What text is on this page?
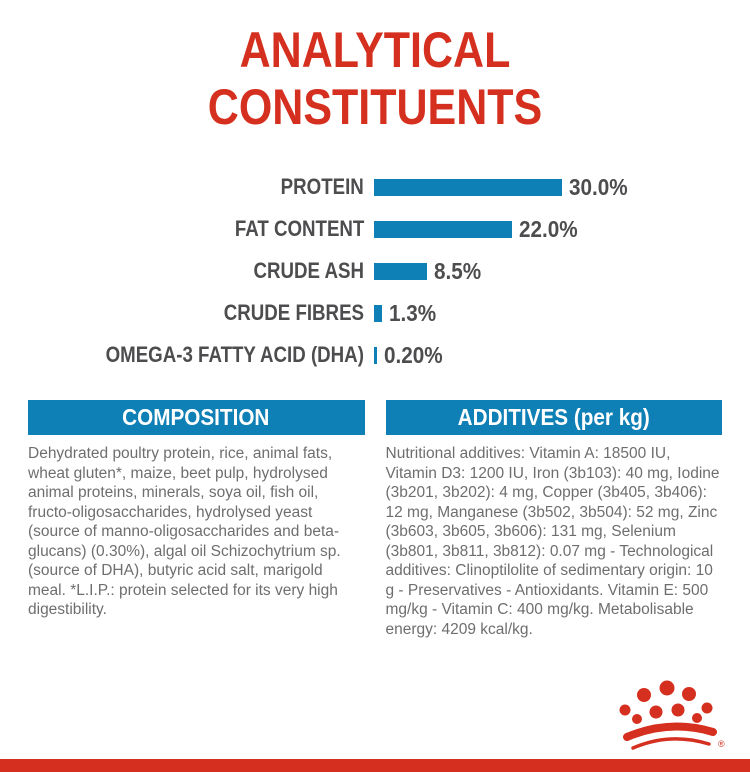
ANALYTICAL
CONSTITUENTS
PROTEIN	30.0%
FAT CONTENT	22.0%
CRUDE ASH	8.5%
CRUDE FIBRES 1.3%
OMEGA-3 FATTY ACID (DHA) 0.20%
COMPOSITION

Dehydrated poultry protein, rice, animal fats, wheat gluten*, maize, beet pulp, hydrolysed animal proteins, minerals, soya oil, fish oil, fructo-oligosaccharides, hydrolysed yeast (source of manno-oligosaccharides and beta-glucans) (0.30%), algal oil Schizochytrium sp. (source of DHA), butyric acid salt, marigold meal. *L.I.P.: protein selected for its very high digestibility.

ADDITIVES (per kg)

Nutritional additives: Vitamin A: 18500 IU, Vitamin D3: 1200 IU, Iron (3b103): 40 mg, Iodine (3b201, 3b202): 4 mg, Copper (3b405, 3b406): 12 mg, Manganese (3b502, 3b504): 52 mg, Zinc (3b603, 3b605, 3b606): 131 mg, Selenium (3b801, 3b811, 3b812): 0.07 mg - Technological additives: Clinoptilolite of sedimentary origin: 10 g - Preservatives - Antioxidants. Vitamin E: 500 mg/kg - Vitamin C: 400 mg/kg. Metabolisable energy: 4209 kcal/kg.

®
